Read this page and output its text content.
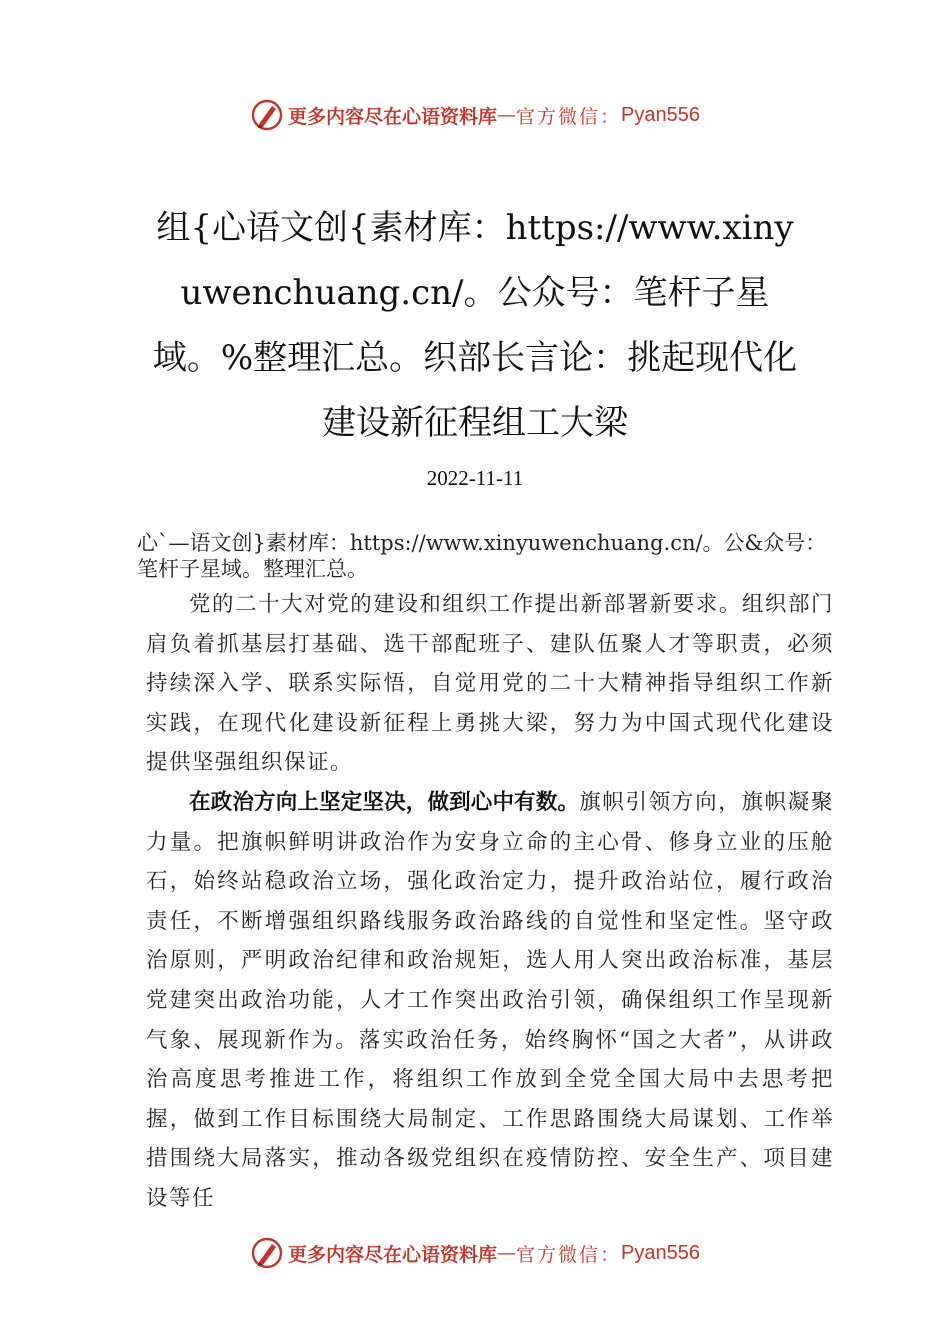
更多内容尽在心语资料库 — 官方微信： Pyan556
组{心语文创{素材库：https://www.xinyuwenchuang.cn/。公众号：笔杆子星域。%整理汇总。织部长言论：挑起现代化建设新征程组工大梁
2022-11-11

心`—语文创}素材库：https://www.xinyuwenchuang.cn/。公&众号：笔杆子星域。整理汇总。

党的二十大对党的建设和组织工作提出新部署新要求。组织部门肩负着抓基层打基础、选干部配班子、建队伍聚人才等职责，必须持续深入学、联系实际悟，自觉用党的二十大精神指导组织工作新实践，在现代化建设新征程上勇挑大梁，努力为中国式现代化建设提供坚强组织保证。

在政治方向上坚定坚决，做到心中有数。旗帜引领方向，旗帜凝聚力量。把旗帜鲜明讲政治作为安身立命的主心骨、修身立业的压舱石，始终站稳政治立场，强化政治定力，提升政治站位，履行政治责任，不断增强组织路线服务政治路线的自觉性和坚定性。坚守政治原则，严明政治纪律和政治规矩，选人用人突出政治标准，基层党建突出政治功能，人才工作突出政治引领，确保组织工作呈现新气象、展现新作为。落实政治任务，始终胸怀“国之大者”，从讲政治高度思考推进工作，将组织工作放到全党全国大局中去思考把握，做到工作目标围绕大局制定、工作思路围绕大局谋划、工作举措围绕大局落实，推动各级党组织在疫情防控、安全生产、项目建设等任

更多内容尽在心语资料库 — 官方微信： Pyan556
